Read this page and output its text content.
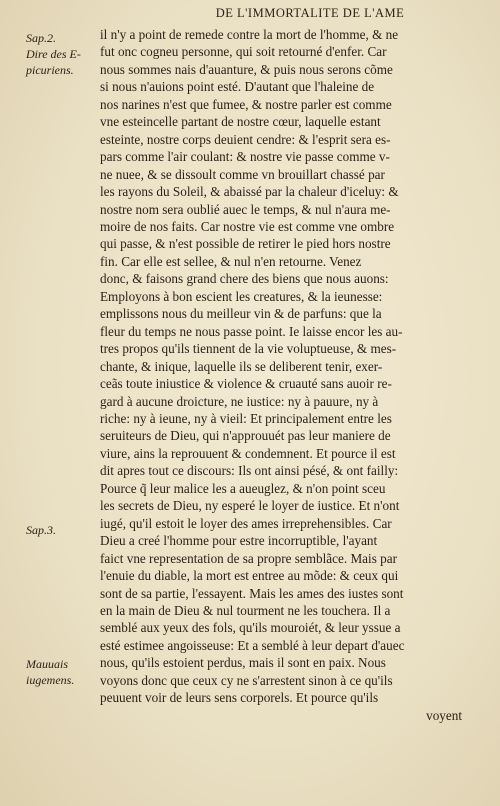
DE L'IMMORTALITE DE L'AME
Sap.2.
Dire des E-
picuriens.
Sap.3.
Mauuais
iugemens.
il n'y a point de remede contre la mort de l'homme, & ne
fut onc cogneu personne, qui soit retourné d'enfer. Car
nous sommes nais d'auanture, & puis nous serons cõme
si nous n'auions point esté. D'autant que l'haleine de
nos narines n'est que fumee, & nostre parler est comme
vne esteincelle partant de nostre cœur, laquelle estant
esteinte, nostre corps deuient cendre: & l'esprit sera es-
pars comme l'air coulant: & nostre vie passe comme v-
ne nuee, & se dissoult comme vn brouillart chassé par
les rayons du Soleil, & abaissé par la chaleur d'iceluy: &
nostre nom sera oublié auec le temps, & nul n'aura me-
moire de nos faits. Car nostre vie est comme vne ombre
qui passe, & n'est possible de retirer le pied hors nostre
fin. Car elle est sellee, & nul n'en retourne. Venez
donc, & faisons grand chere des biens que nous auons:
Employons à bon escient les creatures, & la ieunesse:
emplissons nous du meilleur vin & de parfuns: que la
fleur du temps ne nous passe point. Ie laisse encor les au-
tres propos qu'ils tiennent de la vie voluptueuse, & mes-
chante, & inique, laquelle ils se deliberent tenir, exer-
ceãs toute iniustice & violence & cruauté sans auoir re-
gard à aucune droicture, ne iustice: ny à pauure, ny à
riche: ny à ieune, ny à vieil: Et principalement entre les
seruiteurs de Dieu, qui n'approuuét pas leur maniere de
viure, ains la reprouuent & condemnent. Et pource il est
dit apres tout ce discours: Ils ont ainsi pésé, & ont failly:
Pource q̃ leur malice les a aueuglez, & n'on point sceu
les secrets de Dieu, ny esperé le loyer de iustice. Et n'ont
iugé, qu'il estoit le loyer des ames irreprehensibles. Car
Dieu a creé l'homme pour estre incorruptible, l'ayant
faict vne representation de sa propre semblãce. Mais par
l'enuie du diable, la mort est entree au mõde: & ceux qui
sont de sa partie, l'essayent. Mais les ames des iustes sont
en la main de Dieu & nul tourment ne les touchera. Il a
semblé aux yeux des fols, qu'ils mouroiét, & leur yssue a
esté estimee angoisseuse: Et a semblé à leur depart d'auec
nous, qu'ils estoient perdus, mais il sont en paix. Nous
voyons donc que ceux cy ne s'arrestent sinon à ce qu'ils
peuuent voir de leurs sens corporels. Et pource qu'ils
voyent
